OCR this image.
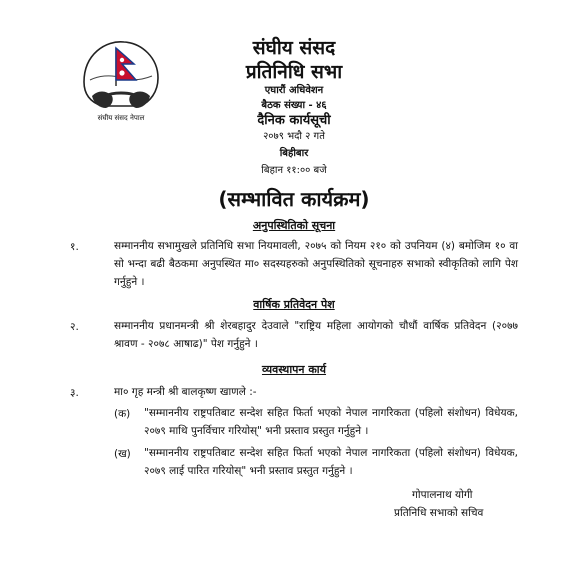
संघीय संसद नेपाल
संघीय संसद
प्रतिनिधि सभा
एघारौं अधिवेशन
बैठक संख्या - ४६
दैनिक कार्यसूची
२०७९ भदौ २ गते
बिहीबार
बिहान ११:०० बजे
(सम्भावित कार्यक्रम)
अनुपस्थितिको सूचना
१.	सम्माननीय सभामुखले प्रतिनिधि सभा नियमावली, २०७५ को नियम २१० को उपनियम (४) बमोजिम १० वा सो भन्दा बढी बैठकमा अनुपस्थित मा० सदस्यहरुको अनुपस्थितिको सूचनाहरु सभाको स्वीकृतिको लागि पेश गर्नुहुने ।
वार्षिक प्रतिवेदन पेश
२.	सम्माननीय प्रधानमन्त्री श्री शेरबहादुर देउवाले "राष्ट्रिय महिला आयोगको चौधौं वार्षिक प्रतिवेदन (२०७७ श्रावण - २०७८ आषाढ)" पेश गर्नुहुने ।
व्यवस्थापन कार्य
३.	मा० गृह मन्त्री श्री बालकृष्ण खाणले :-
(क) "सम्माननीय राष्ट्रपतिबाट सन्देश सहित फिर्ता भएको नेपाल नागरिकता (पहिलो संशोधन) विधेयक, २०७९ माथि पुनर्विचार गरियोस्" भनी प्रस्ताव प्रस्तुत गर्नुहुने ।
(ख) "सम्माननीय राष्ट्रपतिबाट सन्देश सहित फिर्ता भएको नेपाल नागरिकता (पहिलो संशोधन) विधेयक, २०७९ लाई पारित गरियोस्" भनी प्रस्ताव प्रस्तुत गर्नुहुने ।
गोपालनाथ योगी
प्रतिनिधि सभाको सचिव
